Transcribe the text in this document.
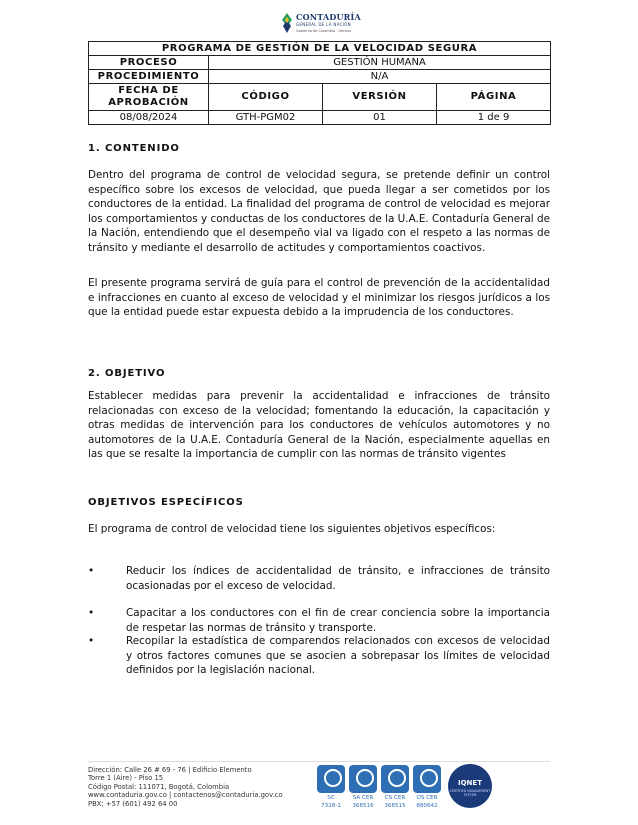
CONTADURÍA
GENERAL DE LA NACIÓN
Gobierno de Colombia · Hechos
PROGRAMA DE GESTIÓN DE LA VELOCIDAD SEGURA			
PROCESO	GESTIÓN HUMANA		
PROCEDIMIENTO	N/A		
FECHA DE APROBACIÓN	CÓDIGO	VERSIÓN	PÁGINA
08/08/2024	GTH-PGM02	01	1 de 9
1. CONTENIDO
Dentro del programa de control de velocidad segura, se pretende definir un control específico sobre los excesos de velocidad, que pueda llegar a ser cometidos por los conductores de la entidad. La finalidad del programa de control de velocidad es mejorar los comportamientos y conductas de los conductores de la U.A.E. Contaduría General de la Nación, entendiendo que el desempeño vial va ligado con el respeto a las normas de tránsito y mediante el desarrollo de actitudes y comportamientos coactivos.
El presente programa servirá de guía para el control de prevención de la accidentalidad e infracciones en cuanto al exceso de velocidad y el minimizar los riesgos jurídicos a los que la entidad puede estar expuesta debido a la imprudencia de los conductores.
2. OBJETIVO
Establecer medidas para prevenir la accidentalidad e infracciones de tránsito relacionadas con exceso de la velocidad; fomentando la educación, la capacitación y otras medidas de intervención para los conductores de vehículos automotores y no automotores de la U.A.E. Contaduría General de la Nación, especialmente aquellas en las que se resalte la importancia de cumplir con las normas de tránsito vigentes
OBJETIVOS ESPECÍFICOS
El programa de control de velocidad tiene los siguientes objetivos específicos:
•	Reducir los índices de accidentalidad de tránsito, e infracciones de tránsito ocasionadas por el exceso de velocidad.
•	Capacitar a los conductores con el fin de crear conciencia sobre la importancia de respetar las normas de tránsito y transporte.
•	Recopilar la estadística de comparendos relacionados con excesos de velocidad y otros factores comunes que se asocien a sobrepasar los límites de velocidad definidos por la legislación nacional.
Dirección: Calle 26 # 69 - 76 | Edificio Elemento
Torre 1 (Aire) - Piso 15
Código Postal: 111071, Bogotá, Colombia
www.contaduria.gov.co | contactenos@contaduria.gov.co
PBX: +57 (601) 492 64 00
SC
7328-1
SA CER
368516
CS CER
368515
OS CER
880642
IQNET
CERTIFIED MANAGEMENT SYSTEM
